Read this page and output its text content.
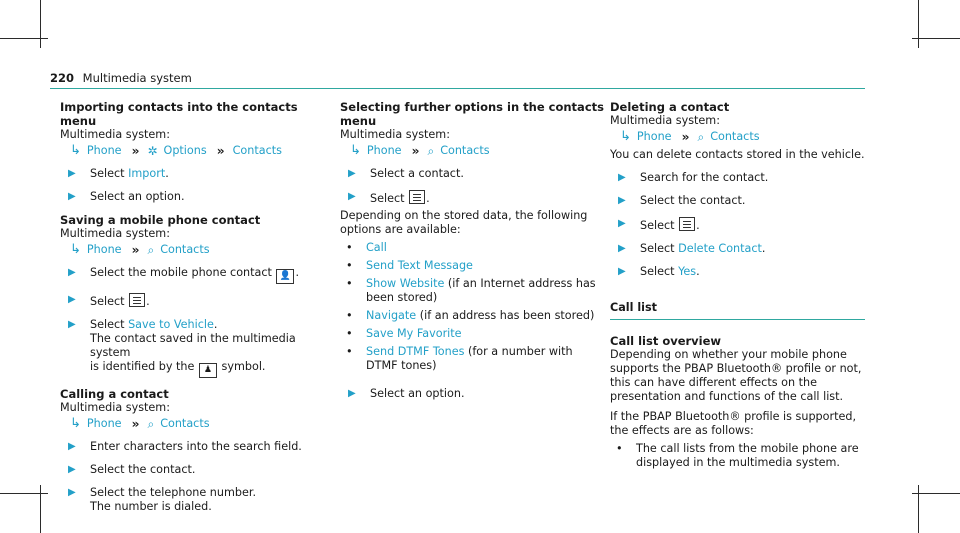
220 Multimedia system
Importing contacts into the contacts menu
Multimedia system:
↳ Phone ›› ✲ Options ›› Contacts
▶	Select Import.
▶	Select an option.
Saving a mobile phone contact
Multimedia system:
↳ Phone ›› ⌕ Contacts
▶	Select the mobile phone contact 👤 .
▶	Select .
▶	Select Save to Vehicle.
The contact saved in the multimedia system
is identified by the ♟ symbol.
Calling a contact
Multimedia system:
↳ Phone ›› ⌕ Contacts
▶	Enter characters into the search field.
▶	Select the contact.
▶	Select the telephone number.
The number is dialed.
Selecting further options in the contacts menu
Multimedia system:
↳ Phone ›› ⌕ Contacts
▶	Select a contact.
▶	Select .
Depending on the stored data, the following
options are available:
•	Call
•	Send Text Message
•	Show Website (if an Internet address has been stored)
•	Navigate (if an address has been stored)
•	Save My Favorite
•	Send DTMF Tones (for a number with DTMF tones)
▶	Select an option.
Deleting a contact
Multimedia system:
↳ Phone ›› ⌕ Contacts
You can delete contacts stored in the vehicle.
▶	Search for the contact.
▶	Select the contact.
▶	Select .
▶	Select Delete Contact.
▶	Select Yes.
Call list
Call list overview
Depending on whether your mobile phone supports the PBAP Bluetooth® profile or not, this can have different effects on the presentation and functions of the call list.
If the PBAP Bluetooth® profile is supported, the effects are as follows:
•	The call lists from the mobile phone are displayed in the multimedia system.
